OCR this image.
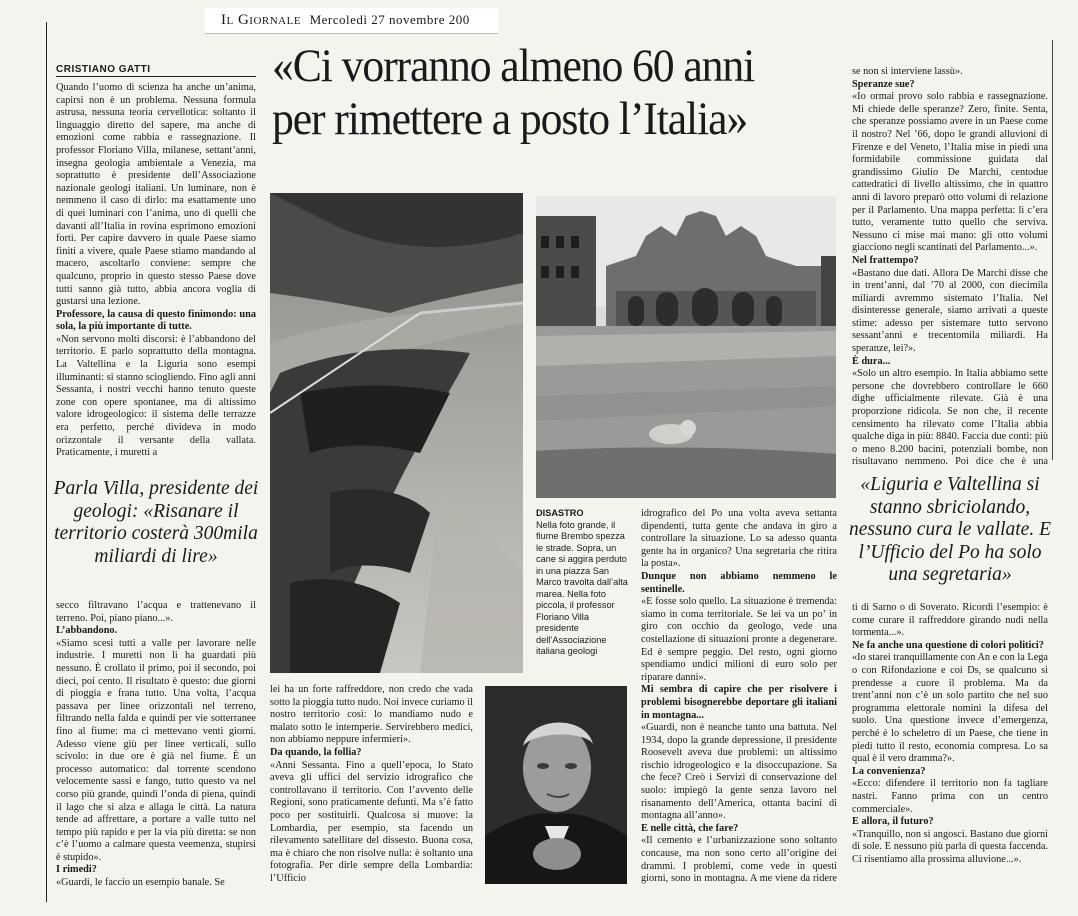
Il Giornale Mercoledì 27 novembre 200
«Ci vorranno almeno 60 anni
per rimettere a posto l’Italia»
CRISTIANO GATTI

Quando l’uomo di scienza ha anche un’anima, capirsi non è un problema. Nessuna formula astrusa, nessuna teoria cervellotica: soltanto il linguaggio diretto del sapere, ma anche di emozioni come rabbia e rassegnazione. Il professor Floriano Villa, milanese, settant’anni, insegna geologia ambientale a Venezia, ma soprattutto è presidente dell’Associazione nazionale geologi italiani. Un luminare, non è nemmeno il caso di dirlo: ma esattamente uno di quei luminari con l’anima, uno di quelli che davanti all’Italia in rovina esprimono emozioni forti. Per capire davvero in quale Paese siamo finiti a vivere, quale Paese stiamo mandando al macero, ascoltarlo conviene: sempre che qualcuno, proprio in questo stesso Paese dove tutti sanno già tutto, abbia ancora voglia di gustarsi una lezione.

Professore, la causa di questo finimondo: una sola, la più importante di tutte.

«Non servono molti discorsi: è l’abbandono del territorio. E parlo soprattutto della montagna. La Valtellina e la Liguria sono esempi illuminanti: si stanno sciogliendo. Fino agli anni Sessanta, i nostri vecchi hanno tenuto queste zone con opere spontanee, ma di altissimo valore idrogeologico: il sistema delle terrazze era perfetto, perché divideva in modo orizzontale il versante della vallata. Praticamente, i muretti a

Parla Villa, presidente dei geologi: «Risanare il territorio costerà 300mila miliardi di lire»

secco filtravano l’acqua e trattenevano il terreno. Poi, piano piano...».

L’abbandono.

«Siamo scesi tutti a valle per lavorare nelle industrie. I muretti non li ha guardati più nessuno. È crollato il primo, poi il secondo, poi dieci, poi cento. Il risultato è questo: due giorni di pioggia e frana tutto. Una volta, l’acqua passava per linee orizzontali nel terreno, filtrando nella falda e quindi per vie sotterranee fino al fiume: ma ci mettevano venti giorni. Adesso viene giù per linee verticali, sullo scivolo: in due ore è già nel fiume. È un processo automatico: dal torrente scendono velocemente sassi e fango, tutto questo va nel corso più grande, quindi l’onda di piena, quindi il lago che si alza e allaga le città. La natura tende ad affrettare, a portare a valle tutto nel tempo più rapido e per la via più diretta: se non c’è l’uomo a calmare questa veemenza, stupirsi è stupido».

I rimedi?

«Guardi, le faccio un esempio banale. Se

DISASTRO
Nella foto grande, il fiume Brembo spezza le strade. Sopra, un cane si aggira perduto in una piazza San Marco travolta dall’alta marea. Nella foto piccola, il professor Floriano Villa presidente dell’Associazione italiana geologi

idrografico del Po una volta aveva settanta dipendenti, tutta gente che andava in giro a controllare la situazione. Lo sa adesso quanta gente ha in organico? Una segretaria che ritira la posta».

Dunque non abbiamo nemmeno le sentinelle.

«E fosse solo quello. La situazione è tremenda: siamo in coma territoriale. Se lei va un po’ in giro con occhio da geologo, vede una costellazione di situazioni pronte a degenerare. Ed è sempre peggio. Del resto, ogni giorno spendiamo undici milioni di euro solo per riparare danni».

Mi sembra di capire che per risolvere i problemi bisognerebbe deportare gli italiani in montagna...

«Guardi, non è neanche tanto una battuta. Nel 1934, dopo la grande depressione, il presidente Roosevelt aveva due problemi: un altissimo rischio idrogeologico e la disoccupazione. Sa che fece? Creò i Servizi di conservazione del suolo: impiegò la gente senza lavoro nel risanamento dell’America, ottanta bacini di montagna all’anno».

E nelle città, che fare?

«Il cemento e l’urbanizzazione sono soltanto concause, ma non sono certo all’origine dei drammi. I problemi, come vede in questi giorni, sono in montagna. A me viene da ridere

lei ha un forte raffreddore, non credo che vada sotto la pioggia tutto nudo. Noi invece curiamo il nostro territorio così: lo mandiamo nudo e malato sotto le intemperie. Servirebbero medici, non abbiamo neppure infermieri».

Da quando, la follia?

«Anni Sessanta. Fino a quell’epoca, lo Stato aveva gli uffici del servizio idrografico che controllavano il territorio. Con l’avvento delle Regioni, sono praticamente defunti. Ma s’è fatto poco per sostituirli. Qualcosa si muove: la Lombardia, per esempio, sta facendo un rilevamento satellitare del dissesto. Buona cosa, ma è chiaro che non risolve nulla: è soltanto una fotografia. Per dirle sempre della Lombardia: l’Ufficio

se non si interviene lassù».

Speranze sue?

«Io ormai provo solo rabbia e rassegnazione. Mi chiede delle speranze? Zero, finite. Senta, che speranze possiamo avere in un Paese come il nostro? Nel ’66, dopo le grandi alluvioni di Firenze e del Veneto, l’Italia mise in piedi una formidabile commissione guidata dal grandissimo Giulio De Marchi, centodue cattedratici di livello altissimo, che in quattro anni di lavoro preparò otto volumi di relazione per il Parlamento. Una mappa perfetta: lì c’era tutto, veramente tutto quello che serviva. Nessuno ci mise mai mano: gli otto volumi giacciono negli scantinati del Parlamento...».

Nel frattempo?

«Bastano due dati. Allora De Marchi disse che in trent’anni, dal ’70 al 2000, con diecimila miliardi avremmo sistemato l’Italia. Nel disinteresse generale, siamo arrivati a queste stime: adesso per sistemare tutto servono sessant’anni e trecentomila miliardi. Ha speranze, lei?».

È dura...

«Solo un altro esempio. In Italia abbiamo sette persone che dovrebbero controllare le 660 dighe ufficialmente rilevate. Già è una proporzione ridicola. Se non che, il recente censimento ha rilevato come l’Italia abbia qualche diga in più: 8840. Faccia due conti: più o meno 8.200 bacini, potenziali bombe, non risultavano nemmeno. Poi dice che è una

«Liguria e Valtellina si stanno sbriciolando, nessuno cura le vallate. E l’Ufficio del Po ha solo una segretaria»

ti di Sarno o di Soverato. Ricordi l’esempio: è come curare il raffreddore girando nudi nella tormenta...».

Ne fa anche una questione di colori politici?

«Io starei tranquillamente con An e con la Lega o con Rifondazione e coi Ds, se qualcuno si prendesse a cuore il problema. Ma da trent’anni non c’è un solo partito che nel suo programma elettorale nomini la difesa del suolo. Una questione invece d’emergenza, perché è lo scheletro di un Paese, che tiene in piedi tutto il resto, economia compresa. Lo sa qual è il vero dramma?».

La convenienza?

«Ecco: difendere il territorio non fa tagliare nastri. Fanno prima con un centro commerciale».

E allora, il futuro?

«Tranquillo, non si angosci. Bastano due giorni di sole. E nessuno più parla di questa faccenda. Ci risentiamo alla prossima alluvione...».
